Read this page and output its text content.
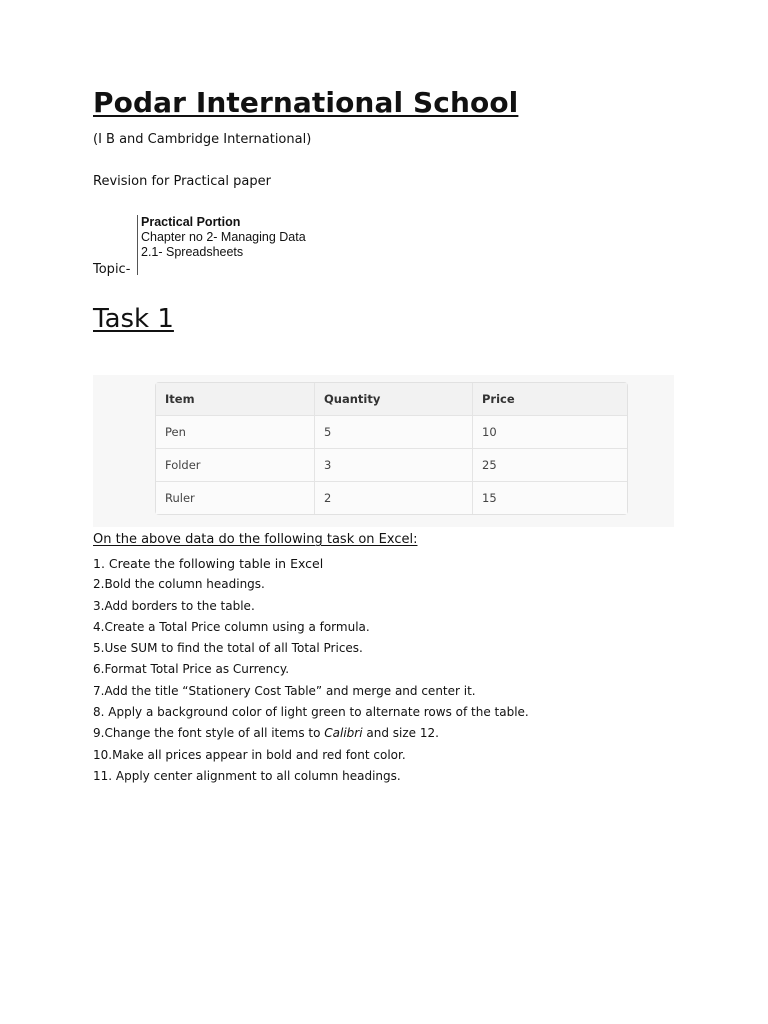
Podar International School
(I B and Cambridge International)
Revision for Practical paper
Topic-
Practical Portion
Chapter no 2- Managing Data
2.1- Spreadsheets
Task 1
Item	Quantity	Price
Pen	5	10
Folder	3	25
Ruler	2	15
On the above data do the following task on Excel:
1. Create the following table in Excel
2.Bold the column headings.
3.Add borders to the table.
4.Create a Total Price column using a formula.
5.Use SUM to find the total of all Total Prices.
6.Format Total Price as Currency.
7.Add the title “Stationery Cost Table” and merge and center it.
8. Apply a background color of light green to alternate rows of the table.
9.Change the font style of all items to Calibri and size 12.
10.Make all prices appear in bold and red font color.
11. Apply center alignment to all column headings.
